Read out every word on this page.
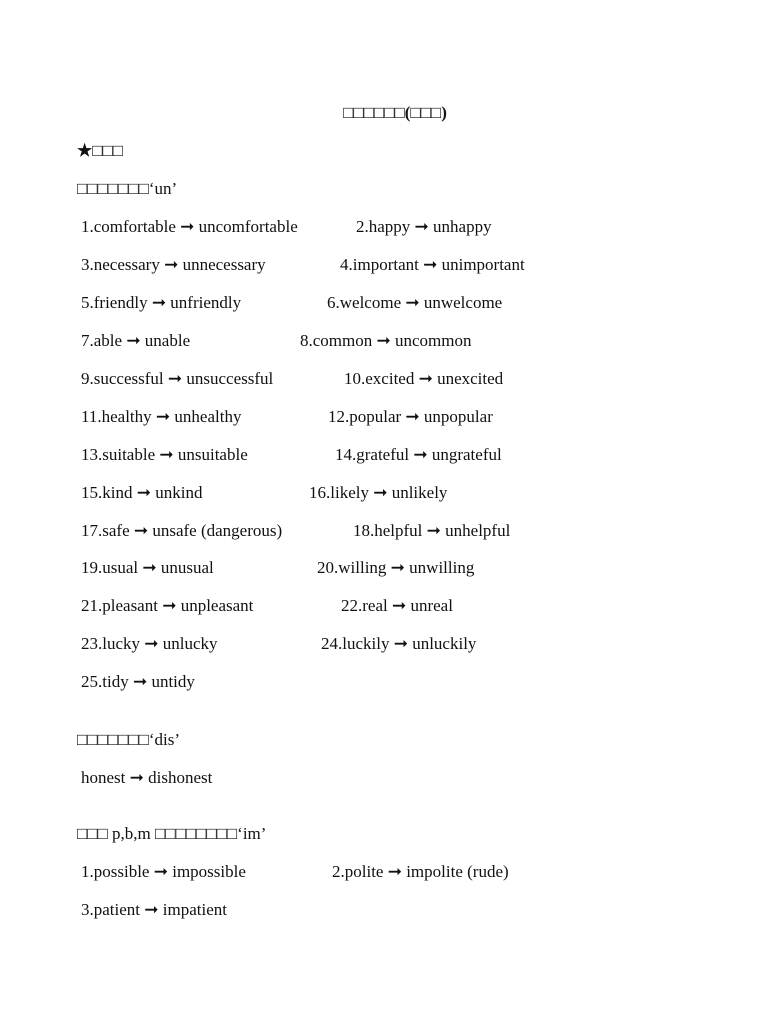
□□□□□□(□□□)
★□□□
□□□□□□□‘un’
1.comfortable ➞ uncomfortable	2.happy ➞ unhappy
3.necessary ➞ unnecessary	4.important ➞ unimportant
5.friendly ➞ unfriendly	6.welcome ➞ unwelcome
7.able ➞ unable	8.common ➞ uncommon
9.successful ➞ unsuccessful	10.excited ➞ unexcited
11.healthy ➞ unhealthy	12.popular ➞ unpopular
13.suitable ➞ unsuitable	14.grateful ➞ ungrateful
15.kind ➞ unkind	16.likely ➞ unlikely
17.safe ➞ unsafe (dangerous)	18.helpful ➞ unhelpful
19.usual ➞ unusual	20.willing ➞ unwilling
21.pleasant ➞ unpleasant	22.real ➞ unreal
23.lucky ➞ unlucky	24.luckily ➞ unluckily
25.tidy ➞ untidy
□□□□□□□‘dis’
honest ➞ dishonest
□□□ p,b,m □□□□□□□□‘im’
1.possible ➞ impossible	2.polite ➞ impolite (rude)
3.patient ➞ impatient
